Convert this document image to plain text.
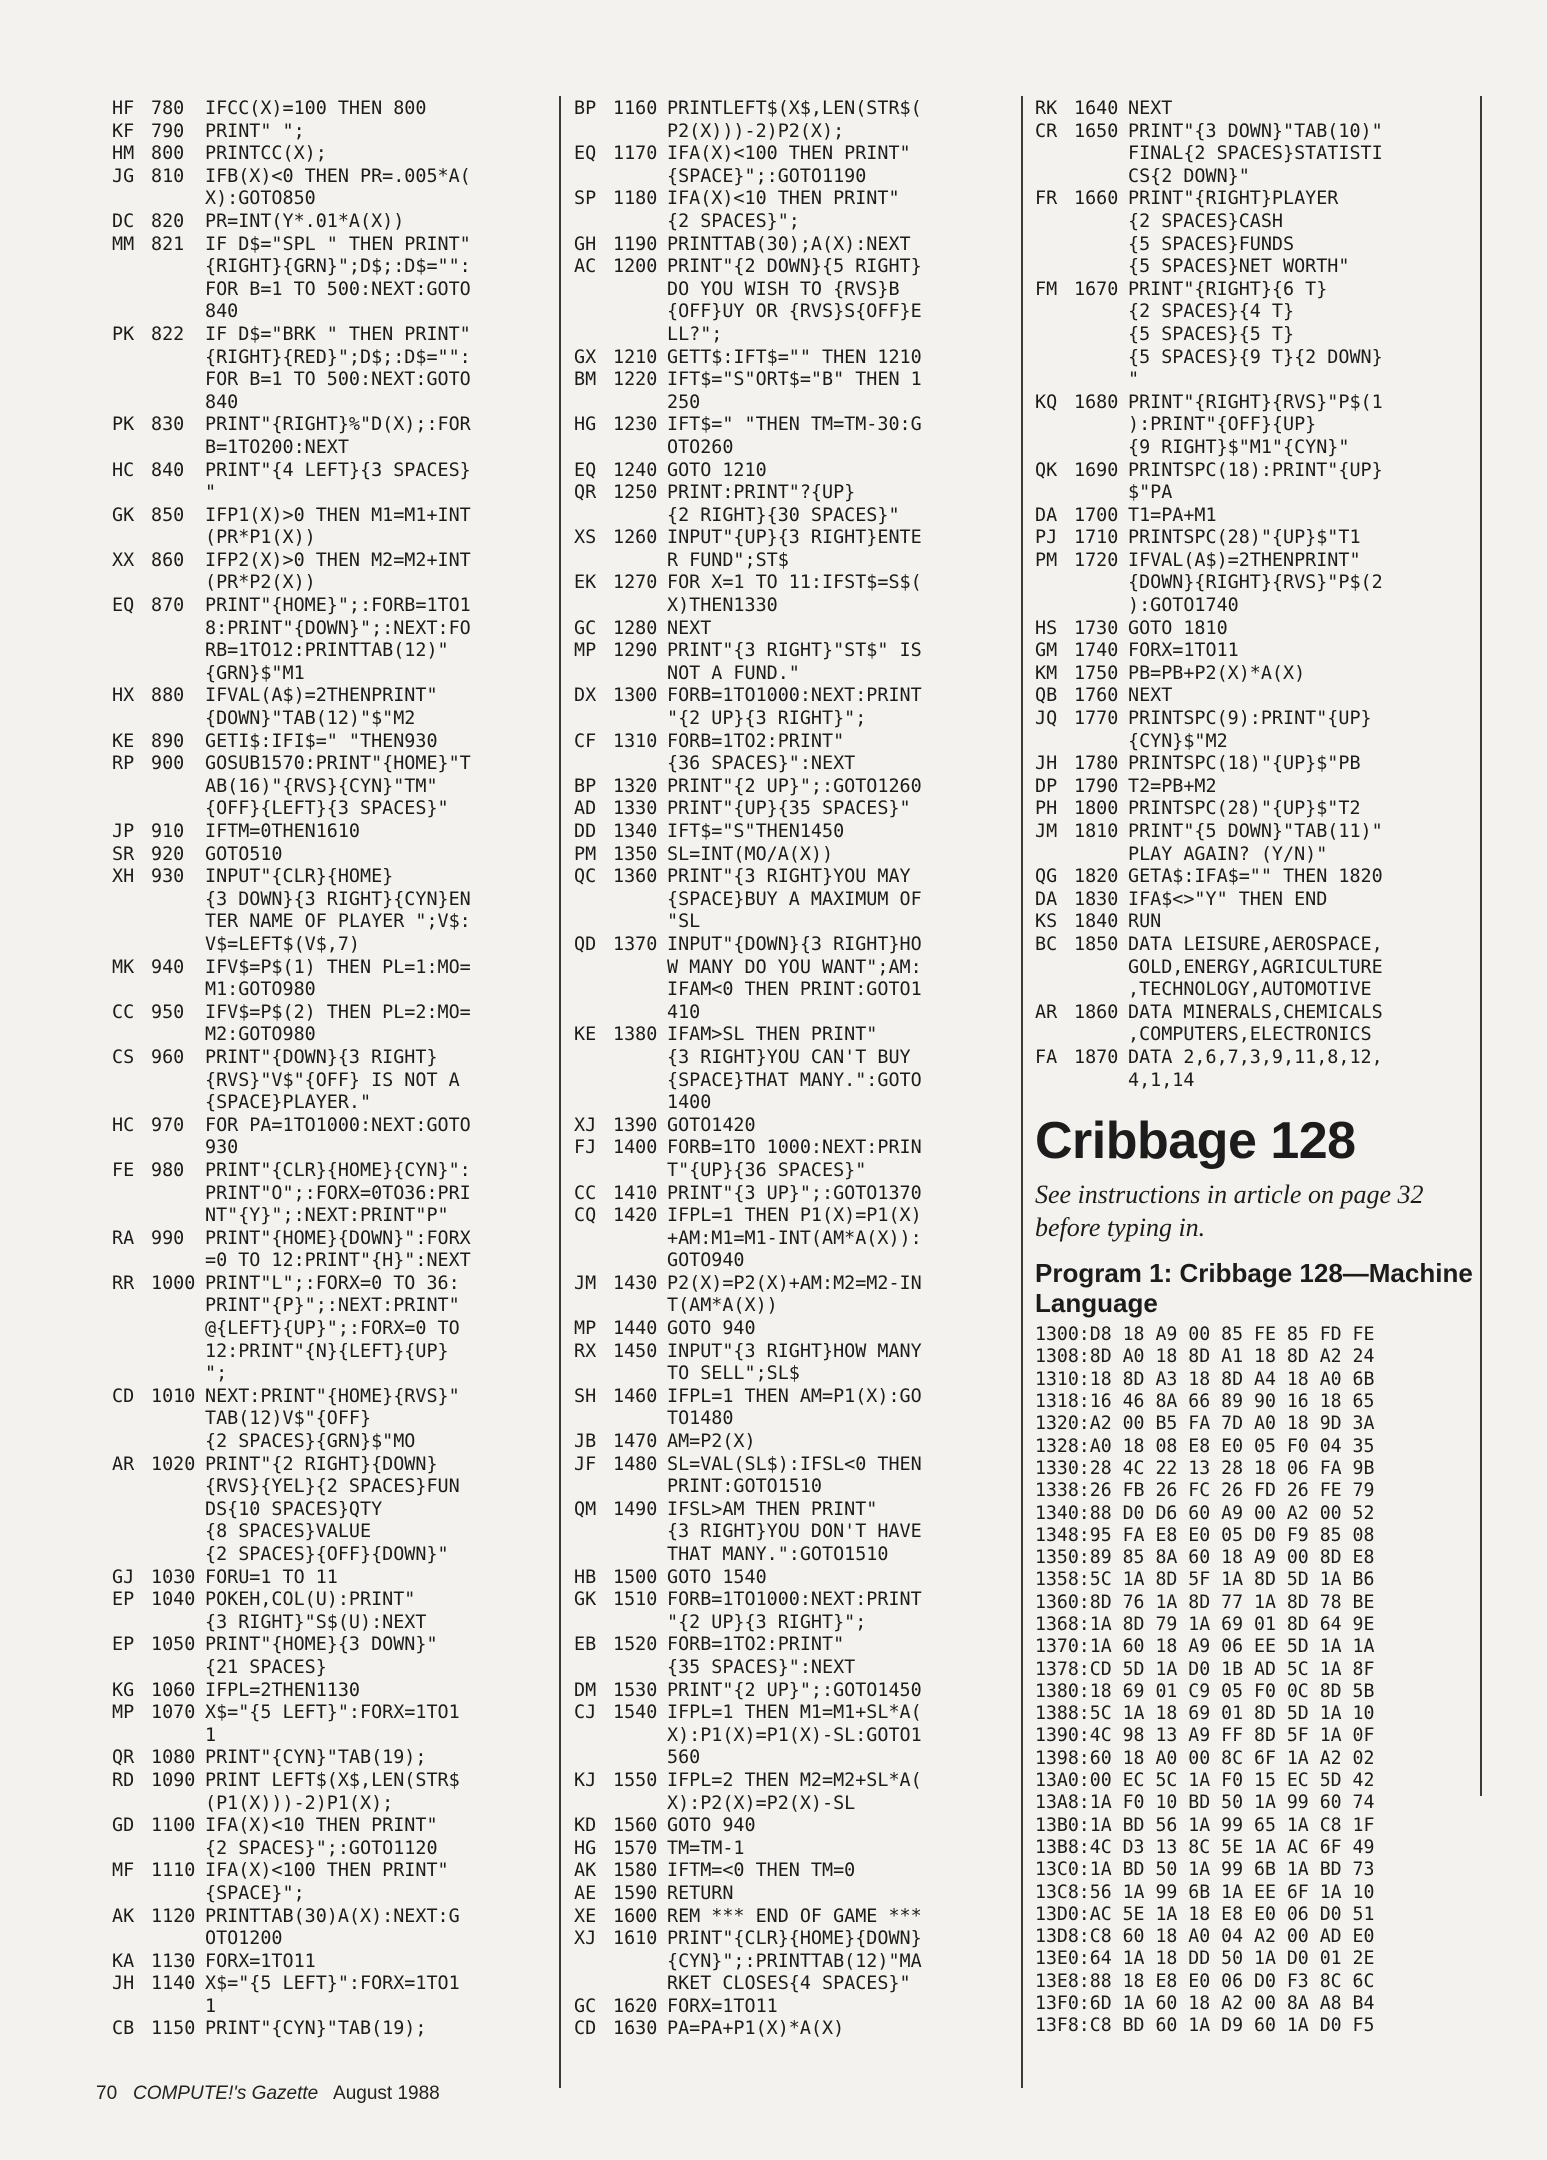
HF 780	IFCC(X)=100 THEN 800
KF 790	PRINT" ";
HM 800	PRINTCC(X);
JG 810	IFB(X)<0 THEN PR=.005*A(
X):GOTO850
DC 820	PR=INT(Y*.01*A(X))
MM 821	IF D$="SPL " THEN PRINT"
{RIGHT}{GRN}";D$;:D$="":
FOR B=1 TO 500:NEXT:GOTO
840
PK 822	IF D$="BRK " THEN PRINT"
{RIGHT}{RED}";D$;:D$="":
FOR B=1 TO 500:NEXT:GOTO
840
PK 830	PRINT"{RIGHT}%"D(X);:FOR
B=1TO200:NEXT
HC 840	PRINT"{4 LEFT}{3 SPACES}
"
GK 850	IFP1(X)>0 THEN M1=M1+INT
(PR*P1(X))
XX 860	IFP2(X)>0 THEN M2=M2+INT
(PR*P2(X))
EQ 870	PRINT"{HOME}";:FORB=1TO1
8:PRINT"{DOWN}";:NEXT:FO
RB=1TO12:PRINTTAB(12)"
{GRN}$"M1
HX 880	IFVAL(A$)=2THENPRINT"
{DOWN}"TAB(12)"$"M2
KE 890	GETI$:IFI$=" "THEN930
RP 900	GOSUB1570:PRINT"{HOME}"T
AB(16)"{RVS}{CYN}"TM"
{OFF}{LEFT}{3 SPACES}"
JP 910	IFTM=0THEN1610
SR 920	GOTO510
XH 930	INPUT"{CLR}{HOME}
{3 DOWN}{3 RIGHT}{CYN}EN
TER NAME OF PLAYER ";V$:
V$=LEFT$(V$,7)
MK 940	IFV$=P$(1) THEN PL=1:MO=
M1:GOTO980
CC 950	IFV$=P$(2) THEN PL=2:MO=
M2:GOTO980
CS 960	PRINT"{DOWN}{3 RIGHT}
{RVS}"V$"{OFF} IS NOT A
{SPACE}PLAYER."
HC 970	FOR PA=1TO1000:NEXT:GOTO
930
FE 980	PRINT"{CLR}{HOME}{CYN}":
PRINT"O";:FORX=0TO36:PRI
NT"{Y}";:NEXT:PRINT"P"
RA 990	PRINT"{HOME}{DOWN}":FORX
=0 TO 12:PRINT"{H}":NEXT
RR 1000 PRINT"L";:FORX=0 TO 36:
PRINT"{P}";:NEXT:PRINT"
@{LEFT}{UP}";:FORX=0 TO
12:PRINT"{N}{LEFT}{UP}
";
CD 1010 NEXT:PRINT"{HOME}{RVS}"
TAB(12)V$"{OFF}
{2 SPACES}{GRN}$"MO
AR 1020 PRINT"{2 RIGHT}{DOWN}
{RVS}{YEL}{2 SPACES}FUN
DS{10 SPACES}QTY
{8 SPACES}VALUE
{2 SPACES}{OFF}{DOWN}"
GJ 1030 FORU=1 TO 11
EP 1040 POKEH,COL(U):PRINT"
{3 RIGHT}"S$(U):NEXT
EP 1050 PRINT"{HOME}{3 DOWN}"
{21 SPACES}
KG 1060 IFPL=2THEN1130
MP 1070 X$="{5 LEFT}":FORX=1TO1
1
QR 1080 PRINT"{CYN}"TAB(19);
RD 1090 PRINT LEFT$(X$,LEN(STR$
(P1(X)))-2)P1(X);
GD 1100 IFA(X)<10 THEN PRINT"
{2 SPACES}";:GOTO1120
MF 1110 IFA(X)<100 THEN PRINT"
{SPACE}";
AK 1120 PRINTTAB(30)A(X):NEXT:G
OTO1200
KA 1130 FORX=1TO11
JH 1140 X$="{5 LEFT}":FORX=1TO1
1
CB 1150 PRINT"{CYN}"TAB(19);
BP 1160 PRINTLEFT$(X$,LEN(STR$(
P2(X)))-2)P2(X);
EQ 1170 IFA(X)<100 THEN PRINT"
{SPACE}";:GOTO1190
SP 1180 IFA(X)<10 THEN PRINT"
{2 SPACES}";
GH 1190 PRINTTAB(30);A(X):NEXT
AC 1200 PRINT"{2 DOWN}{5 RIGHT}
DO YOU WISH TO {RVS}B
{OFF}UY OR {RVS}S{OFF}E
LL?";
GX 1210 GETT$:IFT$="" THEN 1210
BM 1220 IFT$="S"ORT$="B" THEN 1
250
HG 1230 IFT$=" "THEN TM=TM-30:G
OTO260
EQ 1240 GOTO 1210
QR 1250 PRINT:PRINT"?{UP}
{2 RIGHT}{30 SPACES}"
XS 1260 INPUT"{UP}{3 RIGHT}ENTE
R FUND";ST$
EK 1270 FOR X=1 TO 11:IFST$=S$(
X)THEN1330
GC 1280 NEXT
MP 1290 PRINT"{3 RIGHT}"ST$" IS
NOT A FUND."
DX 1300 FORB=1TO1000:NEXT:PRINT
"{2 UP}{3 RIGHT}";
CF 1310 FORB=1TO2:PRINT"
{36 SPACES}":NEXT
BP 1320 PRINT"{2 UP}";:GOTO1260
AD 1330 PRINT"{UP}{35 SPACES}"
DD 1340 IFT$="S"THEN1450
PM 1350 SL=INT(MO/A(X))
QC 1360 PRINT"{3 RIGHT}YOU MAY
{SPACE}BUY A MAXIMUM OF
"SL
QD 1370 INPUT"{DOWN}{3 RIGHT}HO
W MANY DO YOU WANT";AM:
IFAM<0 THEN PRINT:GOTO1
410
KE 1380 IFAM>SL THEN PRINT"
{3 RIGHT}YOU CAN'T BUY
{SPACE}THAT MANY.":GOTO
1400
XJ 1390 GOTO1420
FJ 1400 FORB=1TO 1000:NEXT:PRIN
T"{UP}{36 SPACES}"
CC 1410 PRINT"{3 UP}";:GOTO1370
CQ 1420 IFPL=1 THEN P1(X)=P1(X)
+AM:M1=M1-INT(AM*A(X)):
GOTO940
JM 1430 P2(X)=P2(X)+AM:M2=M2-IN
T(AM*A(X))
MP 1440 GOTO 940
RX 1450 INPUT"{3 RIGHT}HOW MANY
TO SELL";SL$
SH 1460 IFPL=1 THEN AM=P1(X):GO
TO1480
JB 1470 AM=P2(X)
JF 1480 SL=VAL(SL$):IFSL<0 THEN
PRINT:GOTO1510
QM 1490 IFSL>AM THEN PRINT"
{3 RIGHT}YOU DON'T HAVE
THAT MANY.":GOTO1510
HB 1500 GOTO 1540
GK 1510 FORB=1TO1000:NEXT:PRINT
"{2 UP}{3 RIGHT}";
EB 1520 FORB=1TO2:PRINT"
{35 SPACES}":NEXT
DM 1530 PRINT"{2 UP}";:GOTO1450
CJ 1540 IFPL=1 THEN M1=M1+SL*A(
X):P1(X)=P1(X)-SL:GOTO1
560
KJ 1550 IFPL=2 THEN M2=M2+SL*A(
X):P2(X)=P2(X)-SL
KD 1560 GOTO 940
HG 1570 TM=TM-1
AK 1580 IFTM=<0 THEN TM=0
AE 1590 RETURN
XE 1600 REM *** END OF GAME ***
XJ 1610 PRINT"{CLR}{HOME}{DOWN}
{CYN}";:PRINTTAB(12)"MA
RKET CLOSES{4 SPACES}"
GC 1620 FORX=1TO11
CD 1630 PA=PA+P1(X)*A(X)
RK 1640 NEXT
CR 1650 PRINT"{3 DOWN}"TAB(10)"
FINAL{2 SPACES}STATISTI
CS{2 DOWN}"
FR 1660 PRINT"{RIGHT}PLAYER
{2 SPACES}CASH
{5 SPACES}FUNDS
{5 SPACES}NET WORTH"
FM 1670 PRINT"{RIGHT}{6 T}
{2 SPACES}{4 T}
{5 SPACES}{5 T}
{5 SPACES}{9 T}{2 DOWN}
"
KQ 1680 PRINT"{RIGHT}{RVS}"P$(1
):PRINT"{OFF}{UP}
{9 RIGHT}$"M1"{CYN}"
QK 1690 PRINTSPC(18):PRINT"{UP}
$"PA
DA 1700 T1=PA+M1
PJ 1710 PRINTSPC(28)"{UP}$"T1
PM 1720 IFVAL(A$)=2THENPRINT"
{DOWN}{RIGHT}{RVS}"P$(2
):GOTO1740
HS 1730 GOTO 1810
GM 1740 FORX=1TO11
KM 1750 PB=PB+P2(X)*A(X)
QB 1760 NEXT
JQ 1770 PRINTSPC(9):PRINT"{UP}
{CYN}$"M2
JH 1780 PRINTSPC(18)"{UP}$"PB
DP 1790 T2=PB+M2
PH 1800 PRINTSPC(28)"{UP}$"T2
JM 1810 PRINT"{5 DOWN}"TAB(11)"
PLAY AGAIN? (Y/N)"
QG 1820 GETA$:IFA$="" THEN 1820
DA 1830 IFA$<>"Y" THEN END
KS 1840 RUN
BC 1850 DATA LEISURE,AEROSPACE,
GOLD,ENERGY,AGRICULTURE
,TECHNOLOGY,AUTOMOTIVE
AR 1860 DATA MINERALS,CHEMICALS
,COMPUTERS,ELECTRONICS
FA 1870 DATA 2,6,7,3,9,11,8,12,
4,1,14
Cribbage 128
See instructions in article on page 32 before typing in.
Program 1: Cribbage 128—Machine Language
1300:D8 18 A9 00 85 FE 85 FD FE
1308:8D A0 18 8D A1 18 8D A2 24
1310:18 8D A3 18 8D A4 18 A0 6B
1318:16 46 8A 66 89 90 16 18 65
1320:A2 00 B5 FA 7D A0 18 9D 3A
1328:A0 18 08 E8 E0 05 F0 04 35
1330:28 4C 22 13 28 18 06 FA 9B
1338:26 FB 26 FC 26 FD 26 FE 79
1340:88 D0 D6 60 A9 00 A2 00 52
1348:95 FA E8 E0 05 D0 F9 85 08
1350:89 85 8A 60 18 A9 00 8D E8
1358:5C 1A 8D 5F 1A 8D 5D 1A B6
1360:8D 76 1A 8D 77 1A 8D 78 BE
1368:1A 8D 79 1A 69 01 8D 64 9E
1370:1A 60 18 A9 06 EE 5D 1A 1A
1378:CD 5D 1A D0 1B AD 5C 1A 8F
1380:18 69 01 C9 05 F0 0C 8D 5B
1388:5C 1A 18 69 01 8D 5D 1A 10
1390:4C 98 13 A9 FF 8D 5F 1A 0F
1398:60 18 A0 00 8C 6F 1A A2 02
13A0:00 EC 5C 1A F0 15 EC 5D 42
13A8:1A F0 10 BD 50 1A 99 60 74
13B0:1A BD 56 1A 99 65 1A C8 1F
13B8:4C D3 13 8C 5E 1A AC 6F 49
13C0:1A BD 50 1A 99 6B 1A BD 73
13C8:56 1A 99 6B 1A EE 6F 1A 10
13D0:AC 5E 1A 18 E8 E0 06 D0 51
13D8:C8 60 18 A0 04 A2 00 AD E0
13E0:64 1A 18 DD 50 1A D0 01 2E
13E8:88 18 E8 E0 06 D0 F3 8C 6C
13F0:6D 1A 60 18 A2 00 8A A8 B4
13F8:C8 BD 60 1A D9 60 1A D0 F5
70 COMPUTE!'s Gazette August 1988
